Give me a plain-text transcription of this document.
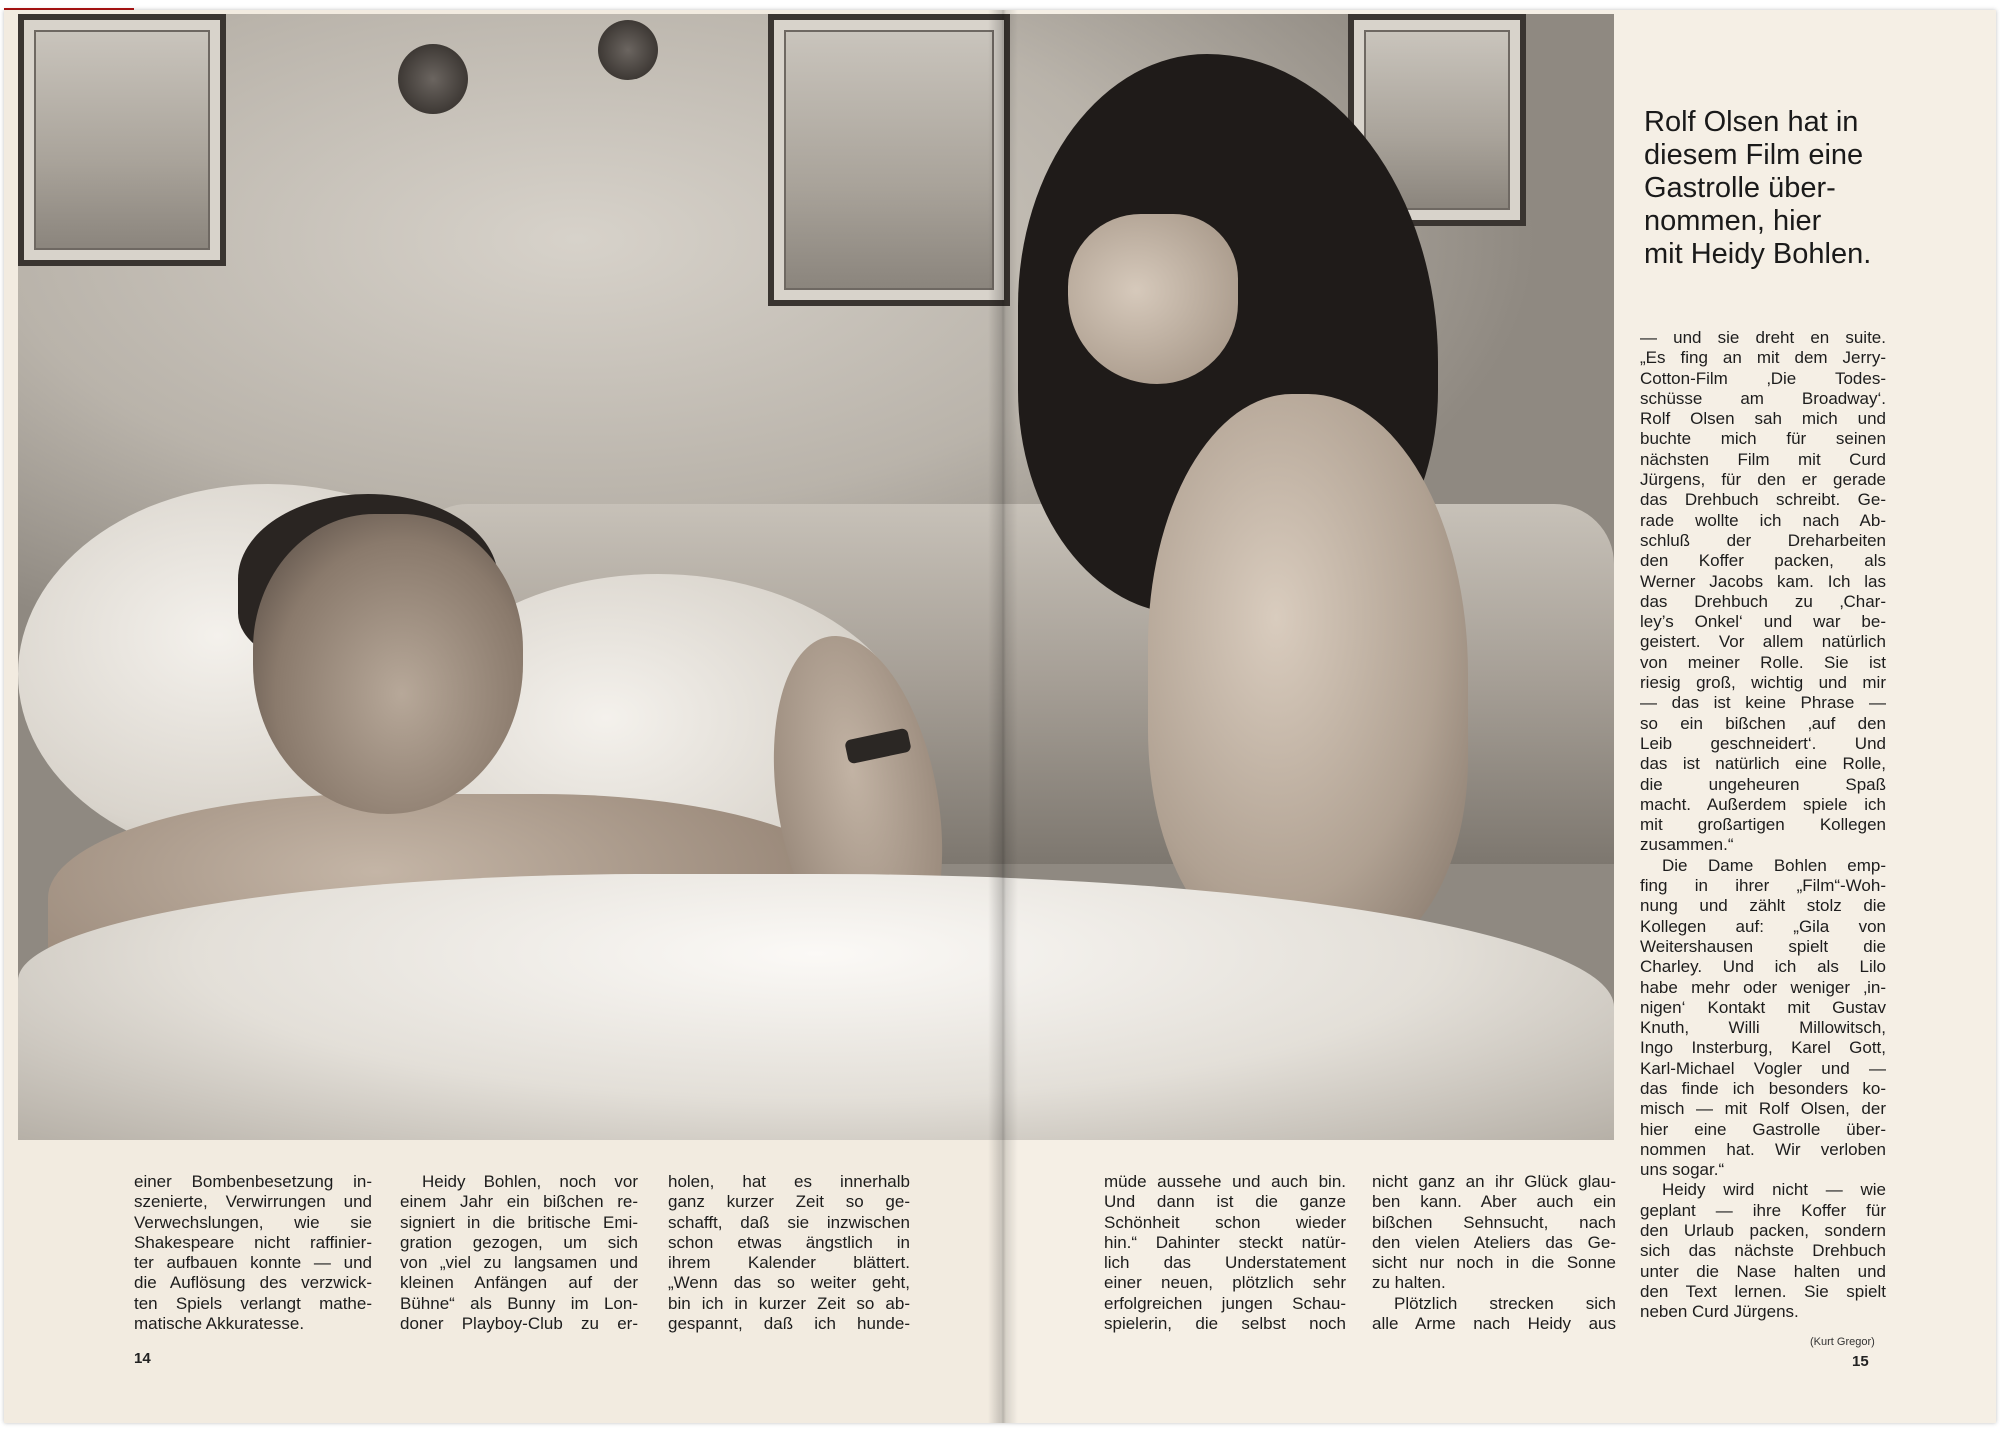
Rolf Olsen hat in
diesem Film eine
Gastrolle über-
nommen, hier
mit Heidy Bohlen.
— und sie dreht en suite.
„Es fing an mit dem Jerry-
Cotton-Film ‚Die Todes-
schüsse am Broadway‘.
Rolf Olsen sah mich und
buchte mich für seinen
nächsten Film mit Curd
Jürgens, für den er gerade
das Drehbuch schreibt. Ge-
rade wollte ich nach Ab-
schluß der Dreharbeiten
den Koffer packen, als
Werner Jacobs kam. Ich las
das Drehbuch zu ‚Char-
ley’s Onkel‘ und war be-
geistert. Vor allem natürlich
von meiner Rolle. Sie ist
riesig groß, wichtig und mir
— das ist keine Phrase —
so ein bißchen ‚auf den
Leib geschneidert‘. Und
das ist natürlich eine Rolle,
die ungeheuren Spaß
macht. Außerdem spiele ich
mit großartigen Kollegen
zusammen.“
Die Dame Bohlen emp-
fing in ihrer „Film“-Woh-
nung und zählt stolz die
Kollegen auf: „Gila von
Weitershausen spielt die
Charley. Und ich als Lilo
habe mehr oder weniger ‚in-
nigen‘ Kontakt mit Gustav
Knuth, Willi Millowitsch,
Ingo Insterburg, Karel Gott,
Karl-Michael Vogler und —
das finde ich besonders ko-
misch — mit Rolf Olsen, der
hier eine Gastrolle über-
nommen hat. Wir verloben
uns sogar.“
Heidy wird nicht — wie
geplant — ihre Koffer für
den Urlaub packen, sondern
sich das nächste Drehbuch
unter die Nase halten und
den Text lernen. Sie spielt
neben Curd Jürgens.
einer Bombenbesetzung in-
szenierte, Verwirrungen und
Verwechslungen, wie sie
Shakespeare nicht raffinier-
ter aufbauen konnte — und
die Auflösung des verzwick-
ten Spiels verlangt mathe-
matische Akkuratesse.
Heidy Bohlen, noch vor
einem Jahr ein bißchen re-
signiert in die britische Emi-
gration gezogen, um sich
von „viel zu langsamen und
kleinen Anfängen auf der
Bühne“ als Bunny im Lon-
doner Playboy-Club zu er-
holen, hat es innerhalb
ganz kurzer Zeit so ge-
schafft, daß sie inzwischen
schon etwas ängstlich in
ihrem Kalender blättert.
„Wenn das so weiter geht,
bin ich in kurzer Zeit so ab-
gespannt, daß ich hunde-
müde aussehe und auch bin.
Und dann ist die ganze
Schönheit schon wieder
hin.“ Dahinter steckt natür-
lich das Understatement
einer neuen, plötzlich sehr
erfolgreichen jungen Schau-
spielerin, die selbst noch
nicht ganz an ihr Glück glau-
ben kann. Aber auch ein
bißchen Sehnsucht, nach
den vielen Ateliers das Ge-
sicht nur noch in die Sonne
zu halten.
Plötzlich strecken sich
alle Arme nach Heidy aus
(Kurt Gregor)
14	15
